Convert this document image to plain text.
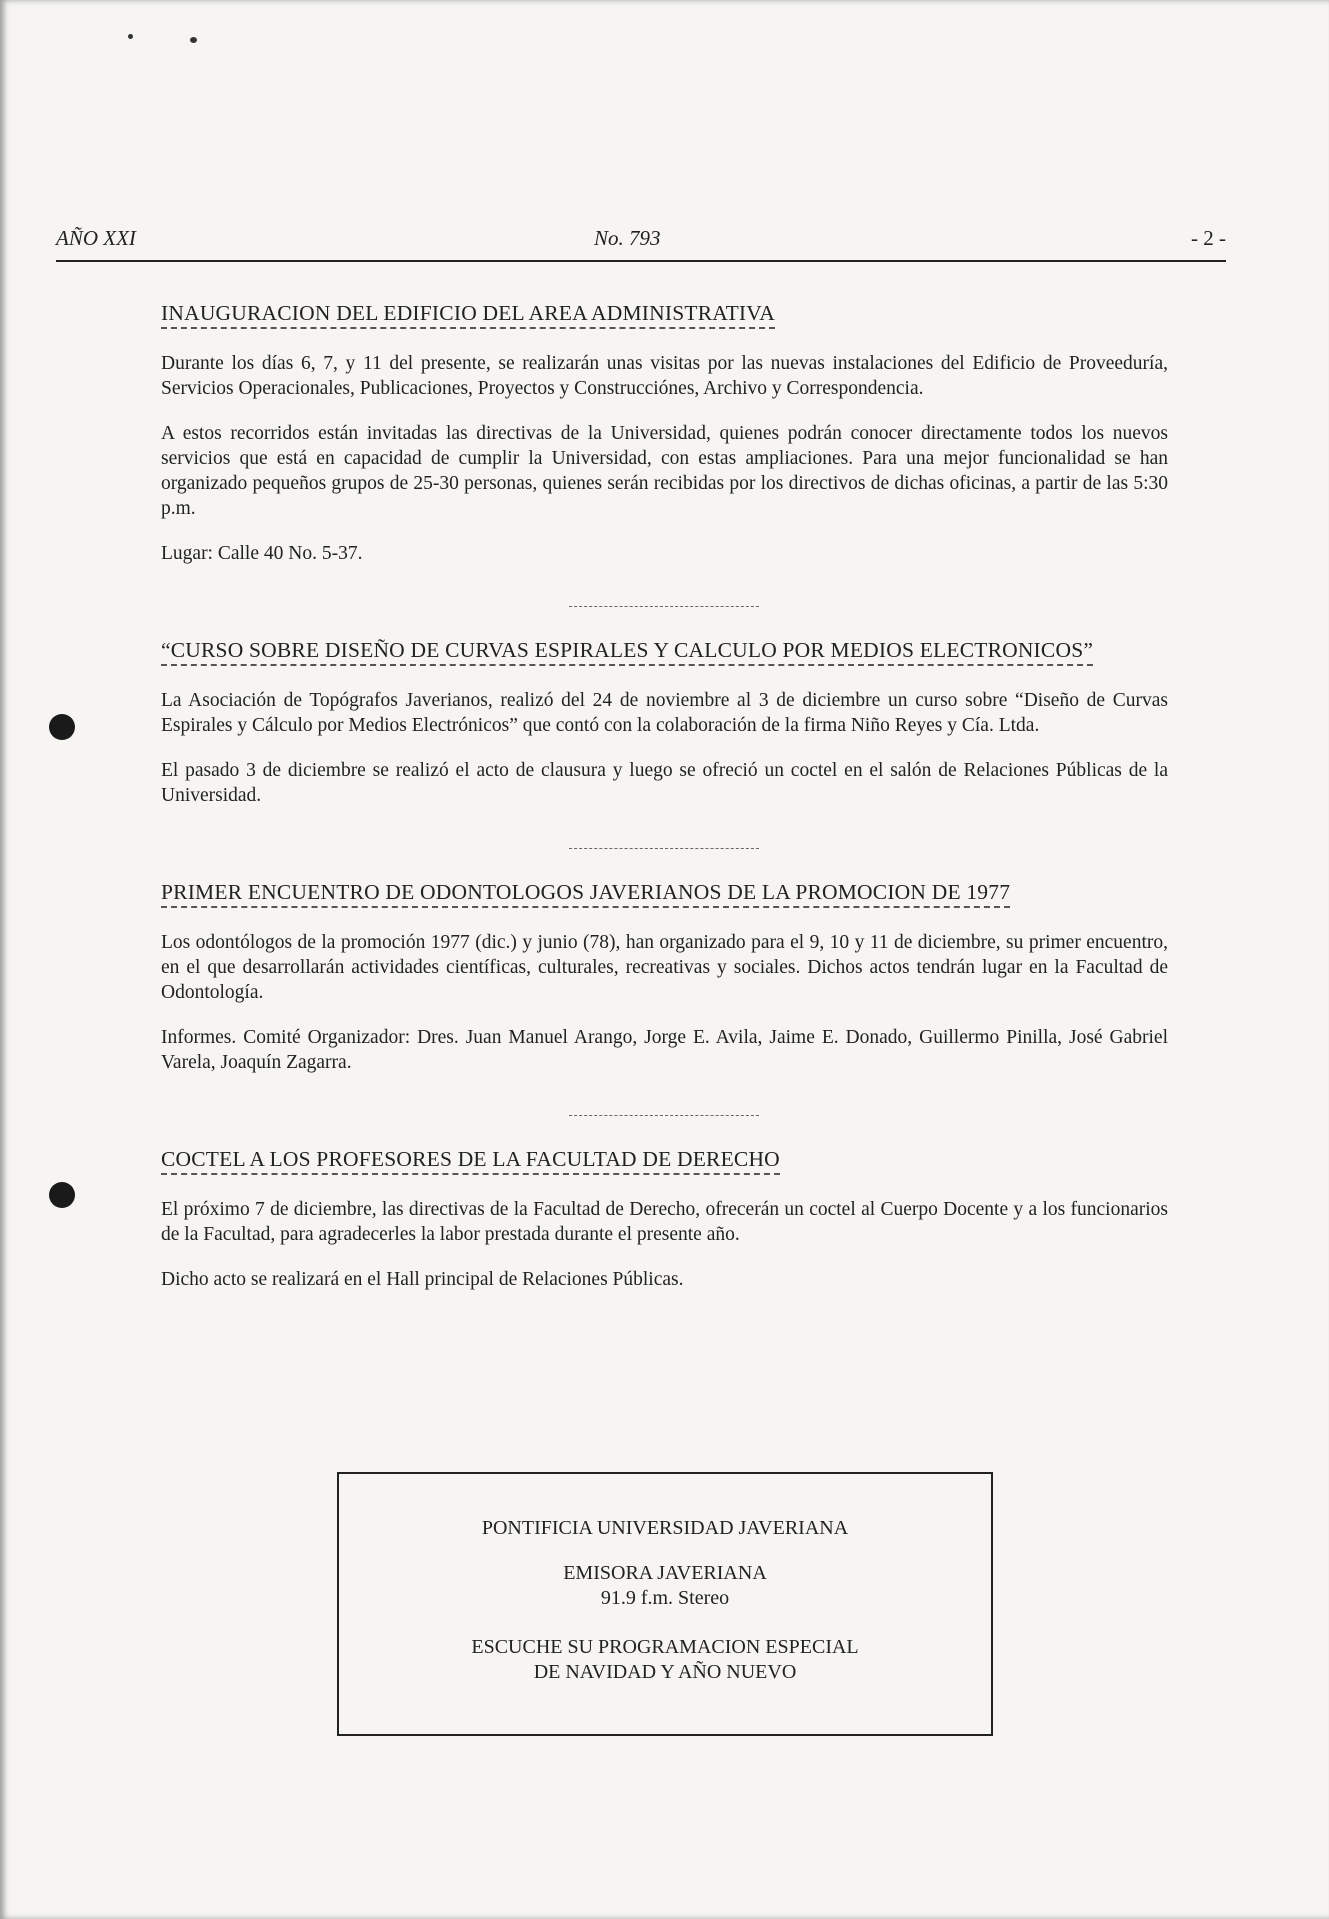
AÑO XXI	No. 793	- 2 -
INAUGURACION DEL EDIFICIO DEL AREA ADMINISTRATIVA

Durante los días 6, 7, y 11 del presente, se realizarán unas visitas por las nuevas instalaciones del Edificio de Proveeduría, Servicios Operacionales, Publicaciones, Proyectos y Construcciónes, Archivo y Correspondencia.

A estos recorridos están invitadas las directivas de la Universidad, quienes podrán conocer directamente todos los nuevos servicios que está en capacidad de cumplir la Universidad, con estas ampliaciones. Para una mejor funcionalidad se han organizado pequeños grupos de 25-30 personas, quienes serán recibidas por los directivos de dichas oficinas, a partir de las 5:30 p.m.

Lugar: Calle 40 No. 5-37.

“CURSO SOBRE DISEÑO DE CURVAS ESPIRALES Y CALCULO POR MEDIOS ELECTRONICOS”

La Asociación de Topógrafos Javerianos, realizó del 24 de noviembre al 3 de diciembre un curso sobre “Diseño de Curvas Espirales y Cálculo por Medios Electrónicos” que contó con la colaboración de la firma Niño Reyes y Cía. Ltda.

El pasado 3 de diciembre se realizó el acto de clausura y luego se ofreció un coctel en el salón de Relaciones Públicas de la Universidad.

PRIMER ENCUENTRO DE ODONTOLOGOS JAVERIANOS DE LA PROMOCION DE 1977

Los odontólogos de la promoción 1977 (dic.) y junio (78), han organizado para el 9, 10 y 11 de diciembre, su primer encuentro, en el que desarrollarán actividades científicas, culturales, recreativas y sociales. Dichos actos tendrán lugar en la Facultad de Odontología.

Informes. Comité Organizador: Dres. Juan Manuel Arango, Jorge E. Avila, Jaime E. Donado, Guillermo Pinilla, José Gabriel Varela, Joaquín Zagarra.

COCTEL A LOS PROFESORES DE LA FACULTAD DE DERECHO

El próximo 7 de diciembre, las directivas de la Facultad de Derecho, ofrecerán un coctel al Cuerpo Docente y a los funcionarios de la Facultad, para agradecerles la labor prestada durante el presente año.

Dicho acto se realizará en el Hall principal de Relaciones Públicas.

PONTIFICIA UNIVERSIDAD JAVERIANA
EMISORA JAVERIANA
91.9 f.m. Stereo
ESCUCHE SU PROGRAMACION ESPECIAL
DE NAVIDAD Y AÑO NUEVO
